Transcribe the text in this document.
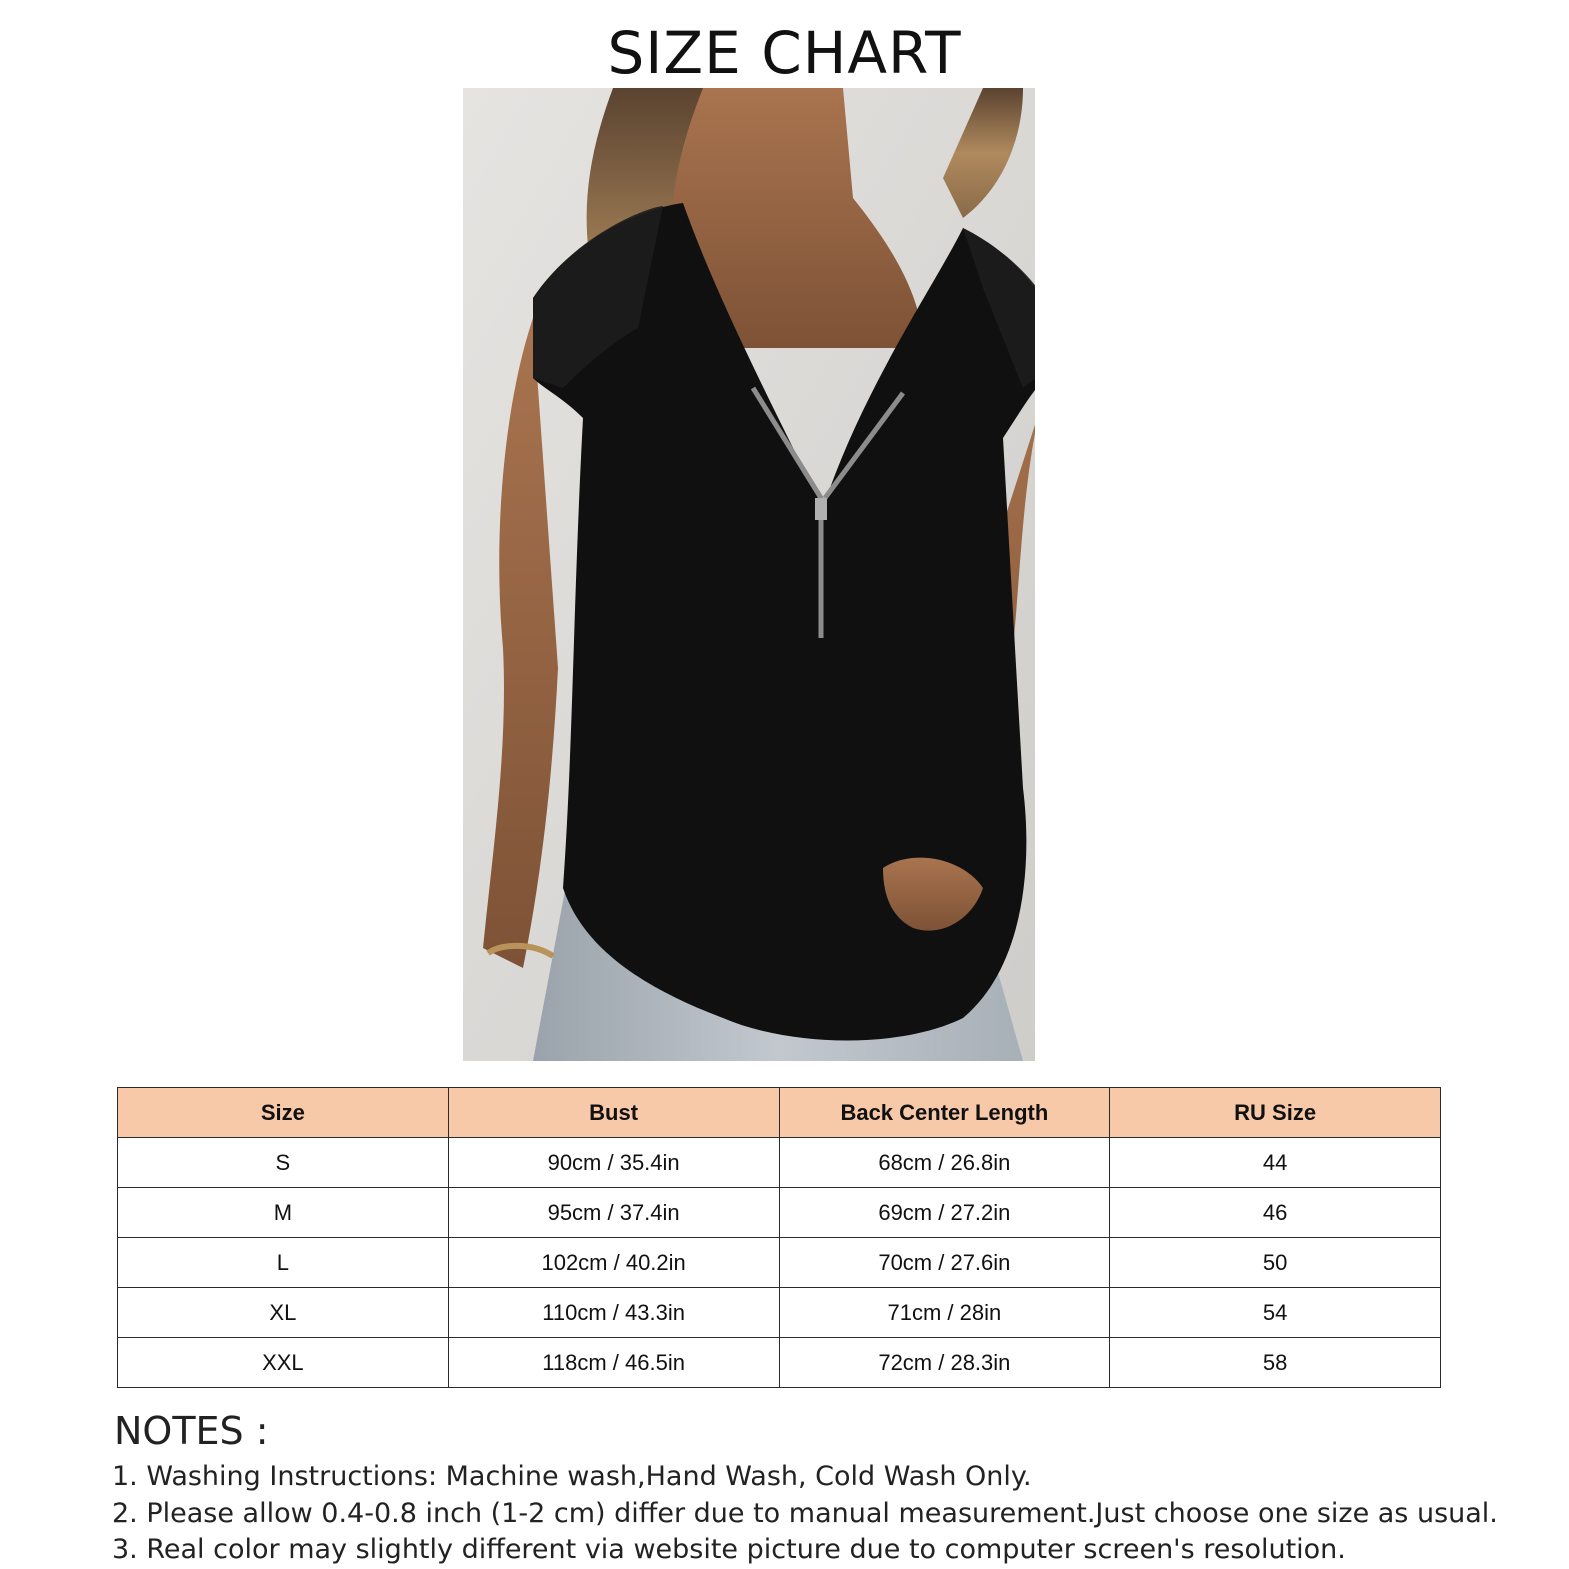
SIZE CHART
Size	Bust	Back Center Length	RU Size
S	90cm / 35.4in	68cm / 26.8in	44
M	95cm / 37.4in	69cm / 27.2in	46
L	102cm / 40.2in	70cm / 27.6in	50
XL	110cm / 43.3in	71cm / 28in	54
XXL	118cm / 46.5in	72cm / 28.3in	58
NOTES :
1. Washing Instructions: Machine wash,Hand Wash, Cold Wash Only.
2. Please allow 0.4-0.8 inch (1-2 cm) differ due to manual measurement.Just choose one size as usual.
3. Real color may slightly different via website picture due to computer screen's resolution.
